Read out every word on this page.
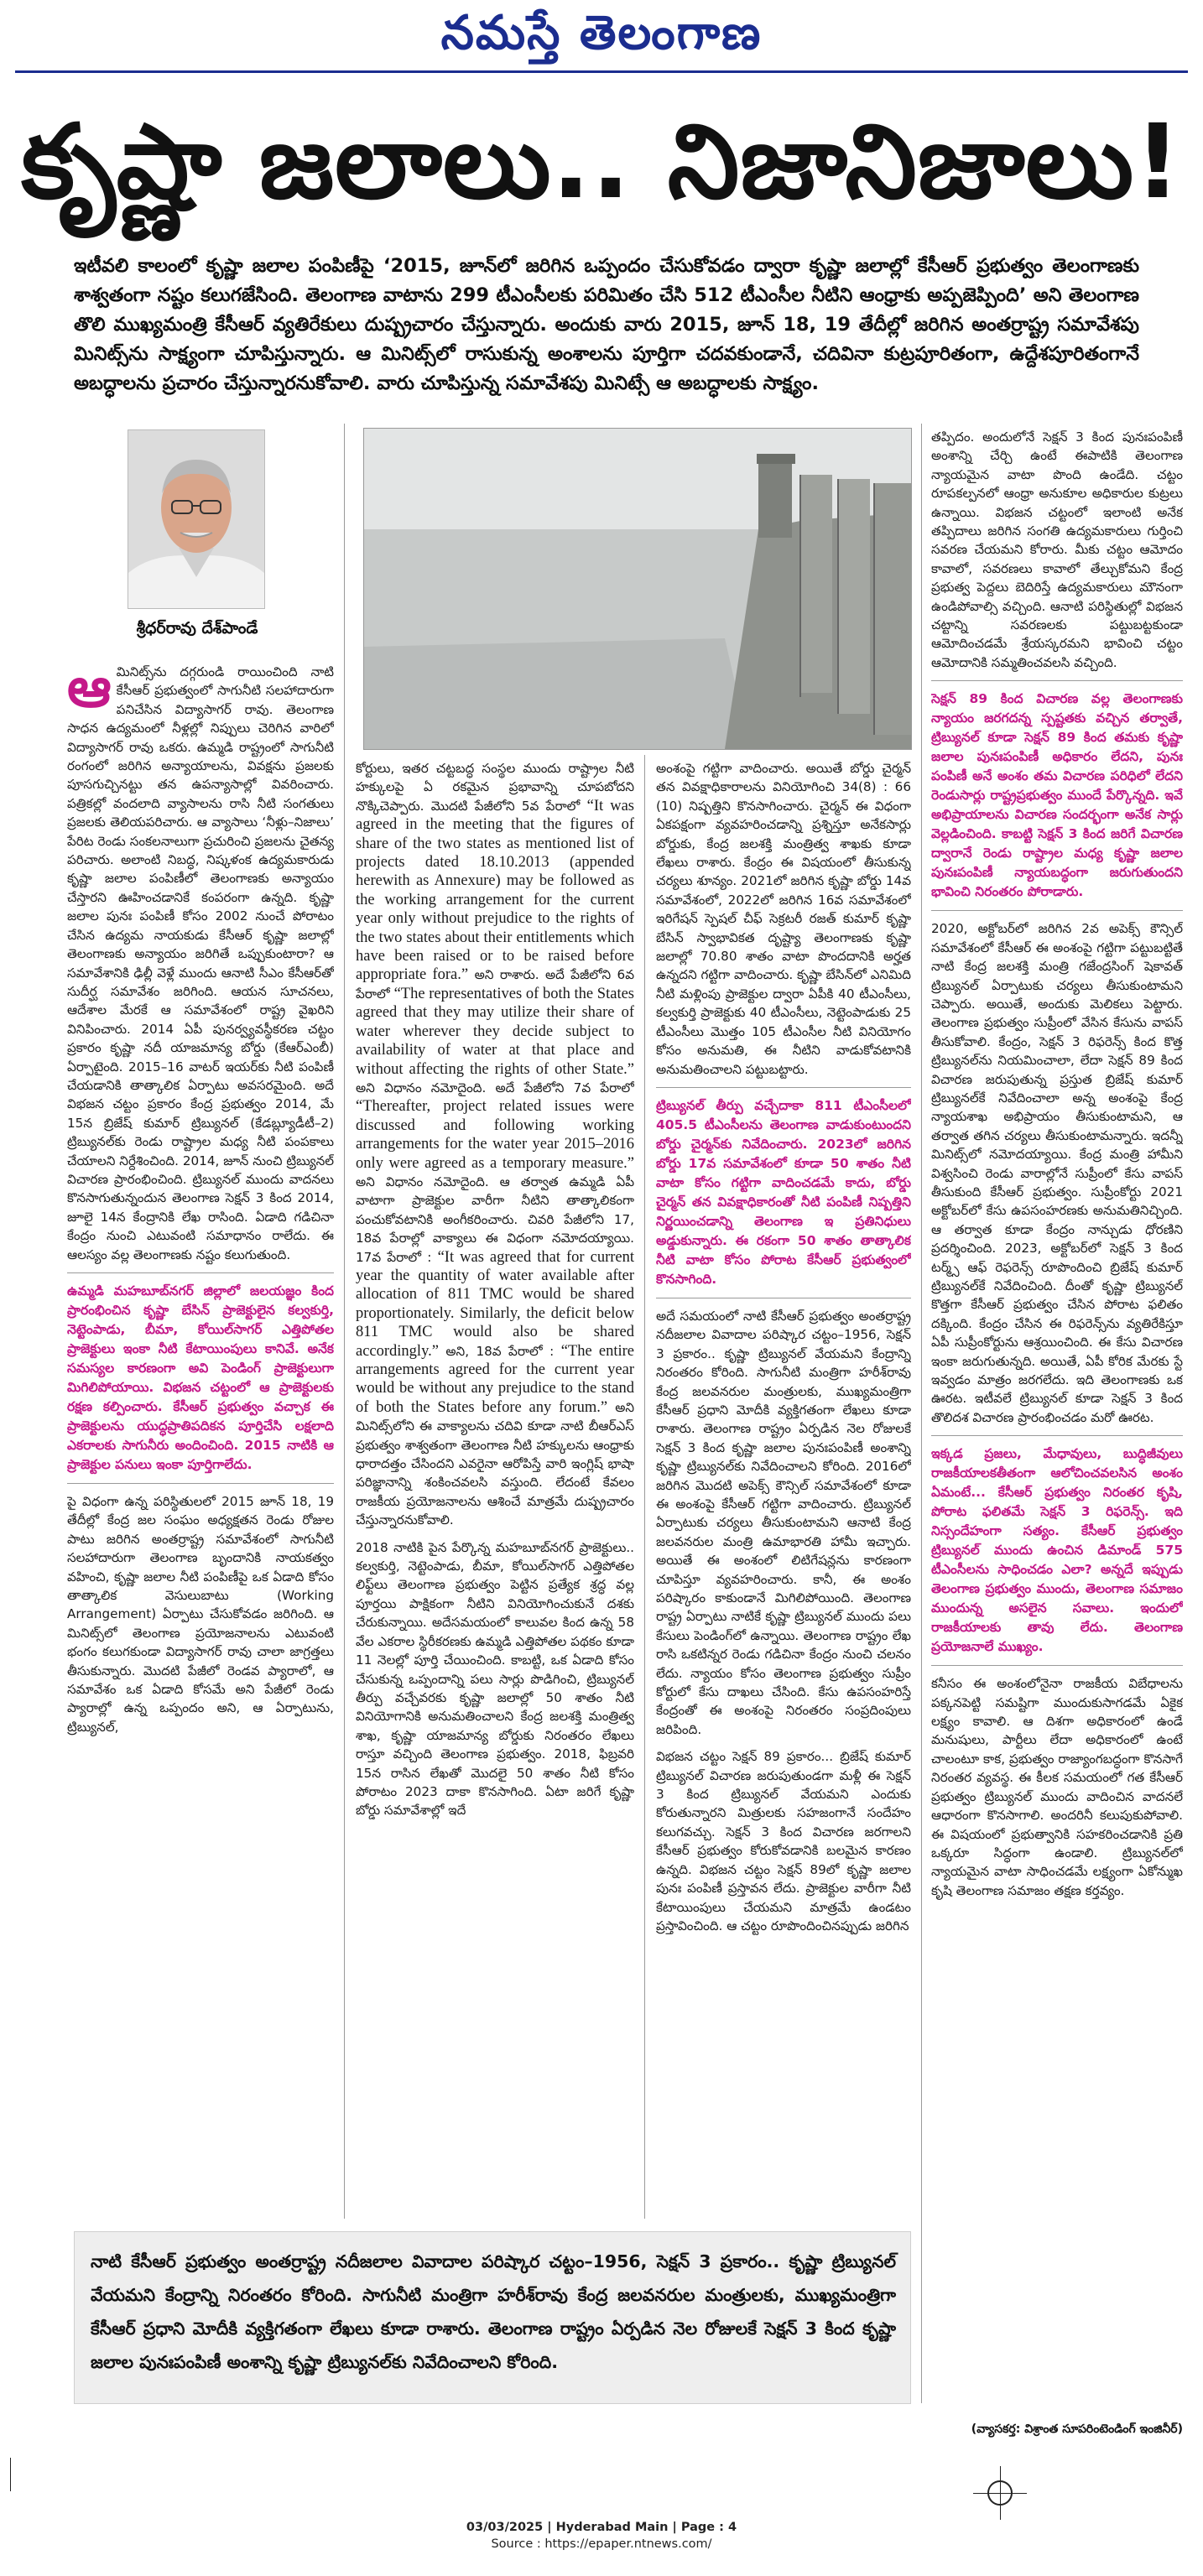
నమస్తే తెలంగాణ
కృష్ణా జలాలు.. నిజానిజాలు!
ఇటీవలి కాలంలో కృష్ణా జలాల పంపిణీపై ‘2015, జూన్‌లో జరిగిన ఒప్పందం చేసుకోవడం ద్వారా కృష్ణా జలాల్లో కేసీఆర్ ప్రభుత్వం తెలంగాణకు శాశ్వతంగా నష్టం కలుగజేసింది. తెలంగాణ వాటాను 299 టీఎంసీలకు పరిమితం చేసి 512 టీఎంసీల నీటిని ఆంధ్రాకు అప్పజెప్పింది’ అని తెలంగాణ తొలి ముఖ్యమంత్రి కేసీఆర్ వ్యతిరేకులు దుష్ప్రచారం చేస్తున్నారు. అందుకు వారు 2015, జూన్ 18, 19 తేదీల్లో జరిగిన అంతర్రాష్ట్ర సమావేశపు మినిట్స్‌ను సాక్ష్యంగా చూపిస్తున్నారు. ఆ మినిట్స్‌లో రాసుకున్న అంశాలను పూర్తిగా చదవకుండానే, చదివినా కుట్రపూరితంగా, ఉద్దేశపూరితంగానే అబద్ధాలను ప్రచారం చేస్తున్నారనుకోవాలి. వారు చూపిస్తున్న సమావేశపు మినిట్సే ఆ అబద్ధాలకు సాక్ష్యం.
శ్రీధర్‌రావు దేశ్‌పాండే

ఆమినిట్స్‌ను దగ్గరుండి రాయించింది నాటి కేసీఆర్ ప్రభుత్వంలో సాగునీటి సలహాదారుగా పనిచేసిన విద్యాసాగర్ రావు. తెలంగాణ సాధన ఉద్యమంలో నీళ్లల్లో నిప్పులు చెరిగిన వారిలో విద్యాసాగర్ రావు ఒకరు. ఉమ్మడి రాష్ట్రంలో సాగునీటి రంగంలో జరిగిన అన్యాయాలను, వివక్షను ప్రజలకు పూసగుచ్చినట్టు తన ఉపన్యాసాల్లో వివరించారు. పత్రికల్లో వందలాది వ్యాసాలను రాసి నీటి సంగతులు ప్రజలకు తెలియపరిచారు. ఆ వ్యాసాలు ‘నీళ్లు–నిజాలు’ పేరిట రెండు సంకలనాలుగా ప్రచురించి ప్రజలను చైతన్య పరిచారు. అలాంటి నిబద్ధ, నిష్కళంక ఉద్యమకారుడు కృష్ణా జలాల పంపిణీలో తెలంగాణకు అన్యాయం చేస్తారని ఊహించడానికే కంపరంగా ఉన్నది. కృష్ణా జలాల పునః పంపిణీ కోసం 2002 నుంచే పోరాటం చేసిన ఉద్యమ నాయకుడు కేసీఆర్ కృష్ణా జలాల్లో తెలంగాణకు అన్యాయం జరిగితే ఒప్పుకుంటారా? ఆ సమావేశానికి ఢిల్లీ వెళ్లే ముందు ఆనాటి సీఎం కేసీఆర్‌తో సుదీర్ఘ సమావేశం జరిగింది. ఆయన సూచనలు, ఆదేశాల మేరకే ఆ సమావేశంలో రాష్ట్ర వైఖరిని వినిపించారు. 2014 ఏపీ పునర్వ్యవస్థీకరణ చట్టం ప్రకారం కృష్ణా నదీ యాజమాన్య బోర్డు (కేఆర్ఎంబీ) ఏర్పాటైంది. 2015–16 వాటర్ ఇయర్‌కు నీటి పంపిణీ చేయడానికి తాత్కాలిక ఏర్పాటు అవసరమైంది. అదే విభజన చట్టం ప్రకారం కేంద్ర ప్రభుత్వం 2014, మే 15న బ్రిజేష్ కుమార్ ట్రిబ్యునల్ (కేడబ్ల్యూడీటీ–2) ట్రిబ్యునల్‌కు రెండు రాష్ట్రాల మధ్య నీటి పంపకాలు చేయాలని నిర్దేశించింది. 2014, జూన్ నుంచి ట్రిబ్యునల్ విచారణ ప్రారంభించింది. ట్రిబ్యునల్ ముందు వాదనలు కొనసాగుతున్నందున తెలంగాణ సెక్షన్ 3 కింద 2014, జూలై 14న కేంద్రానికి లేఖ రాసింది. ఏడాది గడిచినా కేంద్రం నుంచి ఎటువంటి సమాధానం రాలేదు. ఈ ఆలస్యం వల్ల తెలంగాణకు నష్టం కలుగుతుంది.

ఉమ్మడి మహబూబ్‌నగర్ జిల్లాలో జలయజ్ఞం కింద ప్రారంభించిన కృష్ణా బేసిన్ ప్రాజెక్టులైన కల్వకుర్తి, నెట్టెంపాడు, బీమా, కోయిల్‌సాగర్ ఎత్తిపోతల ప్రాజెక్టులు ఇంకా నీటి కేటాయింపులు కానివే. అనేక సమస్యల కారణంగా అవి పెండింగ్ ప్రాజెక్టులుగా మిగిలిపోయాయి. విభజన చట్టంలో ఆ ప్రాజెక్టులకు రక్షణ కల్పించారు. కేసీఆర్ ప్రభుత్వం వచ్చాక ఈ ప్రాజెక్టులను యుద్ధప్రాతిపదికన పూర్తిచేసి లక్షలాది ఎకరాలకు సాగునీరు అందించింది. 2015 నాటికి ఆ ప్రాజెక్టుల పనులు ఇంకా పూర్తిగాలేదు.

పై విధంగా ఉన్న పరిస్థితులలో 2015 జూన్ 18, 19 తేదీల్లో కేంద్ర జల సంఘం అధ్యక్షతన రెండు రోజుల పాటు జరిగిన అంతర్రాష్ట్ర సమావేశంలో సాగునీటి సలహాదారుగా తెలంగాణ బృందానికి నాయకత్వం వహించి, కృష్ణా జలాల నీటి పంపిణీపై ఒక ఏడాది కోసం తాత్కాలిక వెసులుబాటు (Working Arrangement) ఏర్పాటు చేసుకోవడం జరిగింది. ఆ మినిట్స్‌లో తెలంగాణ ప్రయోజనాలను ఎటువంటి భంగం కలుగకుండా విద్యాసాగర్ రావు చాలా జాగ్రత్తలు తీసుకున్నారు. మొదటి పేజీలో రెండవ ప్యారాలో, ఆ సమావేశం ఒక ఏడాది కోసమే అని పేజీలో రెండు ప్యారాల్లో ఉన్న ఒప్పందం అని, ఆ ఏర్పాటును, ట్రిబ్యునల్,

కోర్టులు, ఇతర చట్టబద్ధ సంస్థల ముందు రాష్ట్రాల నీటి హక్కులపై ఏ రకమైన ప్రభావాన్ని చూపబోదని నొక్కిచెప్పారు. మొదటి పేజీలోని 5వ పేరాలో “It was agreed in the meeting that the figures of share of the two states as mentioned list of projects dated 18.10.2013 (appended herewith as Annexure) may be followed as the working arrangement for the current year only without prejudice to the rights of the two states about their entitlements which have been raised or to be raised before appropriate fora.” అని రాశారు. అదే పేజీలోని 6వ పేరాలో “The representatives of both the States agreed that they may utilize their share of water wherever they decide subject to availability of water at that place and without affecting the rights of other State.” అని విధానం నమోదైంది. అదే పేజీలోని 7వ పేరాలో “Thereafter, project related issues were discussed and following working arrangements for the water year 2015–2016 only were agreed as a temporary measure.” అని విధానం నమోదైంది. ఆ తర్వాత ఉమ్మడి ఏపీ వాటాగా ప్రాజెక్టుల వారీగా నీటిని తాత్కాలికంగా పంచుకోవటానికి అంగీకరించారు. చివరి పేజీలోని 17, 18వ పేరాల్లో వాక్యాలు ఈ విధంగా నమోదయ్యాయి. 17వ పేరాలో : “It was agreed that for current year the quantity of water available after allocation of 811 TMC would be shared proportionately. Similarly, the deficit below 811 TMC would also be shared accordingly.” అని, 18వ పేరాలో : “The entire arrangements agreed for the current year would be without any prejudice to the stand of both the States before any forum.” అని మినిట్స్‌లోని ఈ వాక్యాలను చదివి కూడా నాటి బీఆర్ఎస్ ప్రభుత్వం శాశ్వతంగా తెలంగాణ నీటి హక్కులను ఆంధ్రాకు ధారాదత్తం చేసిందని ఎవరైనా ఆరోపిస్తే వారి ఇంగ్లిష్ భాషా పరిజ్ఞానాన్ని శంకించవలసి వస్తుంది. లేదంటే కేవలం రాజకీయ ప్రయోజనాలను ఆశించే మాత్రమే దుష్ప్రచారం చేస్తున్నారనుకోవాలి.

2018 నాటికి పైన పేర్కొన్న మహబూబ్‌నగర్ ప్రాజెక్టులు.. కల్వకుర్తి, నెట్టెంపాడు, బీమా, కోయిల్‌సాగర్ ఎత్తిపోతల లిఫ్ట్‌లు తెలంగాణ ప్రభుత్వం పెట్టిన ప్రత్యేక శ్రద్ధ వల్ల పూర్తయి పాక్షికంగా నీటిని వినియోగించుకునే దశకు చేరుకున్నాయి. అదేసమయంలో కాలువల కింద ఉన్న 58 వేల ఎకరాల స్థిరీకరణకు ఉమ్మడి ఎత్తిపోతల పథకం కూడా 11 నెలల్లో పూర్తి చేయించింది. కాబట్టి, ఒక ఏడాది కోసం చేసుకున్న ఒప్పందాన్ని పలు సార్లు పొడిగించి, ట్రిబ్యునల్ తీర్పు వచ్చేవరకు కృష్ణా జలాల్లో 50 శాతం నీటి వినియోగానికి అనుమతించాలని కేంద్ర జలశక్తి మంత్రిత్వ శాఖ, కృష్ణా యాజమాన్య బోర్డుకు నిరంతరం లేఖలు రాస్తూ వచ్చింది తెలంగాణ ప్రభుత్వం. 2018, ఫిబ్రవరి 15న రాసిన లేఖతో మొదలై 50 శాతం నీటి కోసం పోరాటం 2023 దాకా కొనసాగింది. ఏటా జరిగే కృష్ణా బోర్డు సమావేశాల్లో ఇదే

అంశంపై గట్టిగా వాదించారు. అయితే బోర్డు చైర్మన్ తన వివక్షాధికారాలను వినియోగించి 34(8) : 66 (10) నిష్పత్తిని కొనసాగించారు. చైర్మన్ ఈ విధంగా ఏకపక్షంగా వ్యవహరించడాన్ని ప్రశ్నిస్తూ అనేకసార్లు బోర్డుకు, కేంద్ర జలశక్తి మంత్రిత్వ శాఖకు కూడా లేఖలు రాశారు. కేంద్రం ఈ విషయంలో తీసుకున్న చర్యలు శూన్యం. 2021లో జరిగిన కృష్ణా బోర్డు 14వ సమావేశంలో, 2022లో జరిగిన 16వ సమావేశంలో ఇరిగేషన్ స్పెషల్ చీఫ్ సెక్రటరీ రజత్ కుమార్ కృష్ణా బేసిన్ స్వాభావికత దృష్ట్యా తెలంగాణకు కృష్ణా జలాల్లో 70.80 శాతం వాటా పొందదానికి అర్హత ఉన్నదని గట్టిగా వాదించారు. కృష్ణా బేసిన్‌లో ఎనిమిది నీటి మళ్లింపు ప్రాజెక్టుల ద్వారా ఏపీకి 40 టీఎంసీలు, కల్వకుర్తి ప్రాజెక్టుకు 40 టీఎంసీలు, నెట్టెంపాడుకు 25 టీఎంసీలు మొత్తం 105 టీఎంసీల నీటి వినియోగం కోసం అనుమతి, ఈ నీటిని వాడుకోవటానికి అనుమతించాలని పట్టుబట్టారు.

ట్రిబ్యునల్ తీర్పు వచ్చేదాకా 811 టీఎంసీలలో 405.5 టీఎంసీలను తెలంగాణ వాడుకుంటుందని బోర్డు చైర్మన్‌కు నివేదించారు. 2023లో జరిగిన బోర్డు 17వ సమావేశంలో కూడా 50 శాతం నీటి వాటా కోసం గట్టిగా వాదించడమే కాదు, బోర్డు చైర్మన్ తన వివక్షాధికారంతో నీటి పంపిణీ నిష్పత్తిని నిర్ణయించడాన్ని తెలంగాణ ఇ ప్రతినిధులు అడ్డుకున్నారు. ఈ రకంగా 50 శాతం తాత్కాలిక నీటి వాటా కోసం పోరాట కేసీఆర్ ప్రభుత్వంలో కొనసాగింది.

అదే సమయంలో నాటి కేసీఆర్ ప్రభుత్వం అంతర్రాష్ట్ర నదీజలాల వివాదాల పరిష్కార చట్టం–1956, సెక్షన్ 3 ప్రకారం.. కృష్ణా ట్రిబ్యునల్ వేయమని కేంద్రాన్ని నిరంతరం కోరింది. సాగునీటి మంత్రిగా హరీశ్‌రావు కేంద్ర జలవనరుల మంత్రులకు, ముఖ్యమంత్రిగా కేసీఆర్ ప్రధాని మోదీకి వ్యక్తిగతంగా లేఖలు కూడా రాశారు. తెలంగాణ రాష్ట్రం ఏర్పడిన నెల రోజులకే సెక్షన్ 3 కింద కృష్ణా జలాల పునఃపంపిణీ అంశాన్ని కృష్ణా ట్రిబ్యునల్‌కు నివేదించాలని కోరింది. 2016లో జరిగిన మొదటి అపెక్స్ కౌన్సిల్ సమావేశంలో కూడా ఈ అంశంపై కేసీఆర్ గట్టిగా వాదించారు. ట్రిబ్యునల్ ఏర్పాటుకు చర్యలు తీసుకుంటామని ఆనాటి కేంద్ర జలవనరుల మంత్రి ఉమాభారతి హామీ ఇచ్చారు. అయితే ఈ అంశంలో లిటిగేషన్లను కారణంగా చూపిస్తూ వ్యవహరించారు. కానీ, ఈ అంశం పరిష్కారం కాకుండానే మిగిలిపోయింది. తెలంగాణ రాష్ట్ర ఏర్పాటు నాటికే కృష్ణా ట్రిబ్యునల్ ముందు పలు కేసులు పెండింగ్‌లో ఉన్నాయి. తెలంగాణ రాష్ట్రం లేఖ రాసి ఒకటిన్నర రెండు గడిచినా కేంద్రం నుంచి చలనం లేదు. న్యాయం కోసం తెలంగాణ ప్రభుత్వం సుప్రీం కోర్టులో కేసు దాఖలు చేసింది. కేసు ఉపసంహరిస్తే కేంద్రంతో ఈ అంశంపై నిరంతరం సంప్రదింపులు జరిపింది.

విభజన చట్టం సెక్షన్ 89 ప్రకారం... బ్రిజేష్ కుమార్ ట్రిబ్యునల్ విచారణ జరుపుతుండగా మళ్లీ ఈ సెక్షన్ 3 కింద ట్రిబ్యునల్ వేయమని ఎందుకు కోరుతున్నారని మిత్రులకు సహజంగానే సందేహం కలుగవచ్చు. సెక్షన్ 3 కింద విచారణ జరగాలని కేసీఆర్ ప్రభుత్వం కోరుకోవడానికి బలమైన కారణం ఉన్నది. విభజన చట్టం సెక్షన్ 89లో కృష్ణా జలాల పునః పంపిణీ ప్రస్తావన లేదు. ప్రాజెక్టుల వారీగా నీటి కేటాయింపులు చేయమని మాత్రమే ఉండటం ప్రస్తావించింది. ఆ చట్టం రూపొందించినప్పుడు జరిగిన

తప్పిదం. అందులోనే సెక్షన్ 3 కింద పునఃపంపిణీ అంశాన్ని చేర్చి ఉంటే ఈపాటికి తెలంగాణ న్యాయమైన వాటా పొంది ఉండేది. చట్టం రూపకల్పనలో ఆంధ్రా అనుకూల అధికారుల కుట్రలు ఉన్నాయి. విభజన చట్టంలో ఇలాంటి అనేక తప్పిదాలు జరిగిన సంగతి ఉద్యమకారులు గుర్తించి సవరణ చేయమని కోరారు. మీకు చట్టం ఆమోదం కావాలో, సవరణలు కావాలో తేల్చుకోమని కేంద్ర ప్రభుత్వ పెద్దలు బెదిరిస్తే ఉద్యమకారులు మౌనంగా ఉండిపోవాల్సి వచ్చింది. ఆనాటి పరిస్థితుల్లో విభజన చట్టాన్ని సవరణలకు పట్టుబట్టకుండా ఆమోదించడమే శ్రేయస్కరమని భావించి చట్టం ఆమోదానికి సమ్మతించవలసి వచ్చింది.

సెక్షన్ 89 కింద విచారణ వల్ల తెలంగాణకు న్యాయం జరగదన్న స్పష్టతకు వచ్చిన తర్వాతే, ట్రిబ్యునల్ కూడా సెక్షన్ 89 కింద తమకు కృష్ణా జలాల పునఃపంపిణీ అధికారం లేదని, పునః పంపిణీ అనే అంశం తమ విచారణ పరిధిలో లేదని రెండుసార్లు రాష్ట్రప్రభుత్వం ముందే పేర్కొన్నది. ఇవే అభిప్రాయాలను విచారణ సందర్భంగా అనేక సార్లు వెల్లడించింది. కాబట్టి సెక్షన్ 3 కింద జరిగే విచారణ ద్వారానే రెండు రాష్ట్రాల మధ్య కృష్ణా జలాల పునఃపంపిణీ న్యాయబద్ధంగా జరుగుతుందని భావించి నిరంతరం పోరాడారు.

2020, అక్టోబర్‌లో జరిగిన 2వ అపెక్స్ కౌన్సిల్ సమావేశంలో కేసీఆర్ ఈ అంశంపై గట్టిగా పట్టుబట్టితే నాటి కేంద్ర జలశక్తి మంత్రి గజేంద్రసింగ్ షెకావత్ ట్రిబ్యునల్ ఏర్పాటుకు చర్యలు తీసుకుంటామని చెప్పారు. అయితే, అందుకు మెలికలు పెట్టారు. తెలంగాణ ప్రభుత్వం సుప్రీంలో వేసిన కేసును వాపస్ తీసుకోవాలి. కేంద్రం, సెక్షన్ 3 రిఫరెన్స్ కింద కొత్త ట్రిబ్యునల్‌ను నియమించాలా, లేదా సెక్షన్ 89 కింద విచారణ జరుపుతున్న ప్రస్తుత బ్రిజేష్ కుమార్ ట్రిబ్యునల్‌కే నివేదించాలా అన్న అంశంపై కేంద్ర న్యాయశాఖ అభిప్రాయం తీసుకుంటామని, ఆ తర్వాత తగిన చర్యలు తీసుకుంటామన్నారు. ఇదన్నీ మినిట్స్‌లో నమోదయ్యాయి. కేంద్ర మంత్రి హామీని విశ్వసించి రెండు వారాల్లోనే సుప్రీంలో కేసు వాపస్ తీసుకుంది కేసీఆర్ ప్రభుత్వం. సుప్రీంకోర్టు 2021 అక్టోబర్‌లో కేసు ఉపసంహరణకు అనుమతినిచ్చింది. ఆ తర్వాత కూడా కేంద్రం నాన్చుడు ధోరణిని ప్రదర్శించింది. 2023, అక్టోబర్‌లో సెక్షన్ 3 కింద టర్మ్స్ ఆఫ్ రెఫరెన్స్ రూపొందించి బ్రిజేష్ కుమార్ ట్రిబ్యునల్‌కే నివేదించింది. దీంతో కృష్ణా ట్రిబ్యునల్ కొత్తగా కేసీఆర్ ప్రభుత్వం చేసిన పోరాట ఫలితం దక్కింది. కేంద్రం చేసిన ఈ రిఫరెన్స్‌ను వ్యతిరేకిస్తూ ఏపీ సుప్రీంకోర్టును ఆశ్రయించింది. ఈ కేసు విచారణ ఇంకా జరుగుతున్నది. అయితే, ఏపీ కోరిక మేరకు స్టే ఇవ్వడం మాత్రం జరగలేదు. ఇది తెలంగాణకు ఒక ఊరట. ఇటీవలే ట్రిబ్యునల్ కూడా సెక్షన్ 3 కింద తొలిదశ విచారణ ప్రారంభించడం మరో ఊరట.

ఇక్కడ ప్రజలు, మేధావులు, బుద్ధిజీవులు రాజకీయాలకతీతంగా ఆలోచించవలసిన అంశం ఏమంటే... కేసీఆర్ ప్రభుత్వం నిరంతర కృషి, పోరాట ఫలితమే సెక్షన్ 3 రిఫరెన్స్. ఇది నిస్సందేహంగా సత్యం. కేసీఆర్ ప్రభుత్వం ట్రిబ్యునల్ ముందు ఉంచిన డిమాండ్ 575 టీఎంసీలను సాధించడం ఎలా? అన్నదే ఇప్పుడు తెలంగాణ ప్రభుత్వం ముందు, తెలంగాణ సమాజం ముందున్న అసలైన సవాలు. ఇందులో రాజకీయాలకు తావు లేదు. తెలంగాణ ప్రయోజనాలే ముఖ్యం.

కనీసం ఈ అంశంలోనైనా రాజకీయ విబేధాలను పక్కనపెట్టి సమష్టిగా ముందుకుసాగడమే ఏకైక లక్ష్యం కావాలి. ఆ దిశగా అధికారంలో ఉండే మనుషులు, పార్టీలు లేదా అధికారంలో ఉంటే చాలంటూ కాక, ప్రభుత్వం రాజ్యాంగబద్ధంగా కొనసాగే నిరంతర వ్యవస్థ. ఈ కీలక సమయంలో గత కేసీఆర్ ప్రభుత్వం ట్రిబ్యునల్ ముందు వాదించిన వాదనలే ఆధారంగా కొనసాగాలి. అందరినీ కలుపుకుపోవాలి. ఈ విషయంలో ప్రభుత్వానికి సహకరించడానికి ప్రతి ఒక్కరూ సిద్ధంగా ఉండాలి. ట్రిబ్యునల్‌లో న్యాయమైన వాటా సాధించడమే లక్ష్యంగా ఏకోన్ముఖ కృషి తెలంగాణ సమాజం తక్షణ కర్తవ్యం.

నాటి కేసీఆర్ ప్రభుత్వం అంతర్రాష్ట్ర నదీజలాల వివాదాల పరిష్కార చట్టం–1956, సెక్షన్ 3 ప్రకారం.. కృష్ణా ట్రిబ్యునల్ వేయమని కేంద్రాన్ని నిరంతరం కోరింది. సాగునీటి మంత్రిగా హరీశ్‌రావు కేంద్ర జలవనరుల మంత్రులకు, ముఖ్యమంత్రిగా కేసీఆర్ ప్రధాని మోదీకి వ్యక్తిగతంగా లేఖలు కూడా రాశారు. తెలంగాణ రాష్ట్రం ఏర్పడిన నెల రోజులకే సెక్షన్ 3 కింద కృష్ణా జలాల పునఃపంపిణీ అంశాన్ని కృష్ణా ట్రిబ్యునల్‌కు నివేదించాలని కోరింది.
(వ్యాసకర్త: విశ్రాంత సూపరింటెండింగ్ ఇంజినీర్)
03/03/2025 | Hyderabad Main | Page : 4
Source : https://epaper.ntnews.com/
